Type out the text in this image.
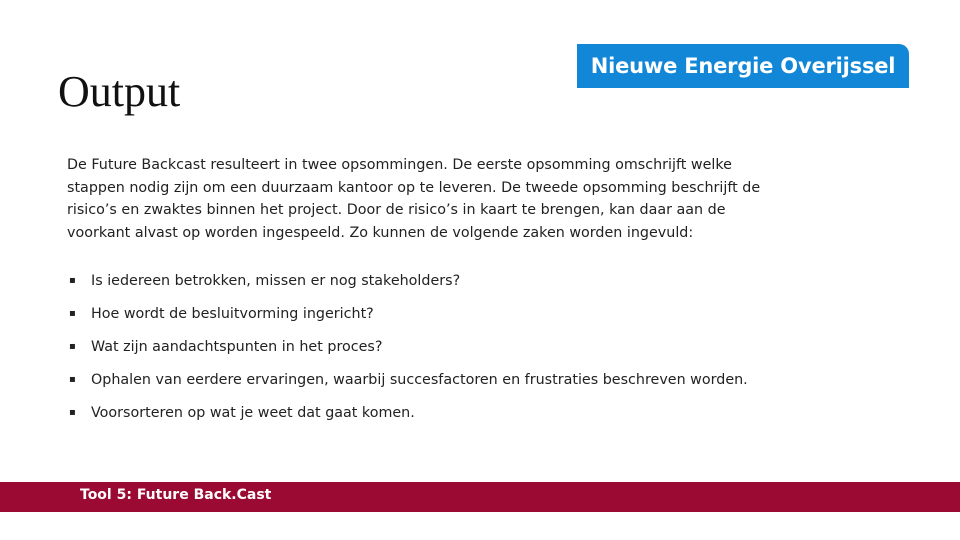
Output
Nieuwe Energie Overijssel
De Future Backcast resulteert in twee opsommingen. De eerste opsomming omschrijft welke stappen nodig zijn om een duurzaam kantoor op te leveren. De tweede opsomming beschrijft de risico’s en zwaktes binnen het project. Door de risico’s in kaart te brengen, kan daar aan de voorkant alvast op worden ingespeeld. Zo kunnen de volgende zaken worden ingevuld:
▪	Is iedereen betrokken, missen er nog stakeholders?
▪	Hoe wordt de besluitvorming ingericht?
▪	Wat zijn aandachtspunten in het proces?
▪	Ophalen van eerdere ervaringen, waarbij succesfactoren en frustraties beschreven worden.
▪	Voorsorteren op wat je weet dat gaat komen.
Tool 5: Future Back.Cast
